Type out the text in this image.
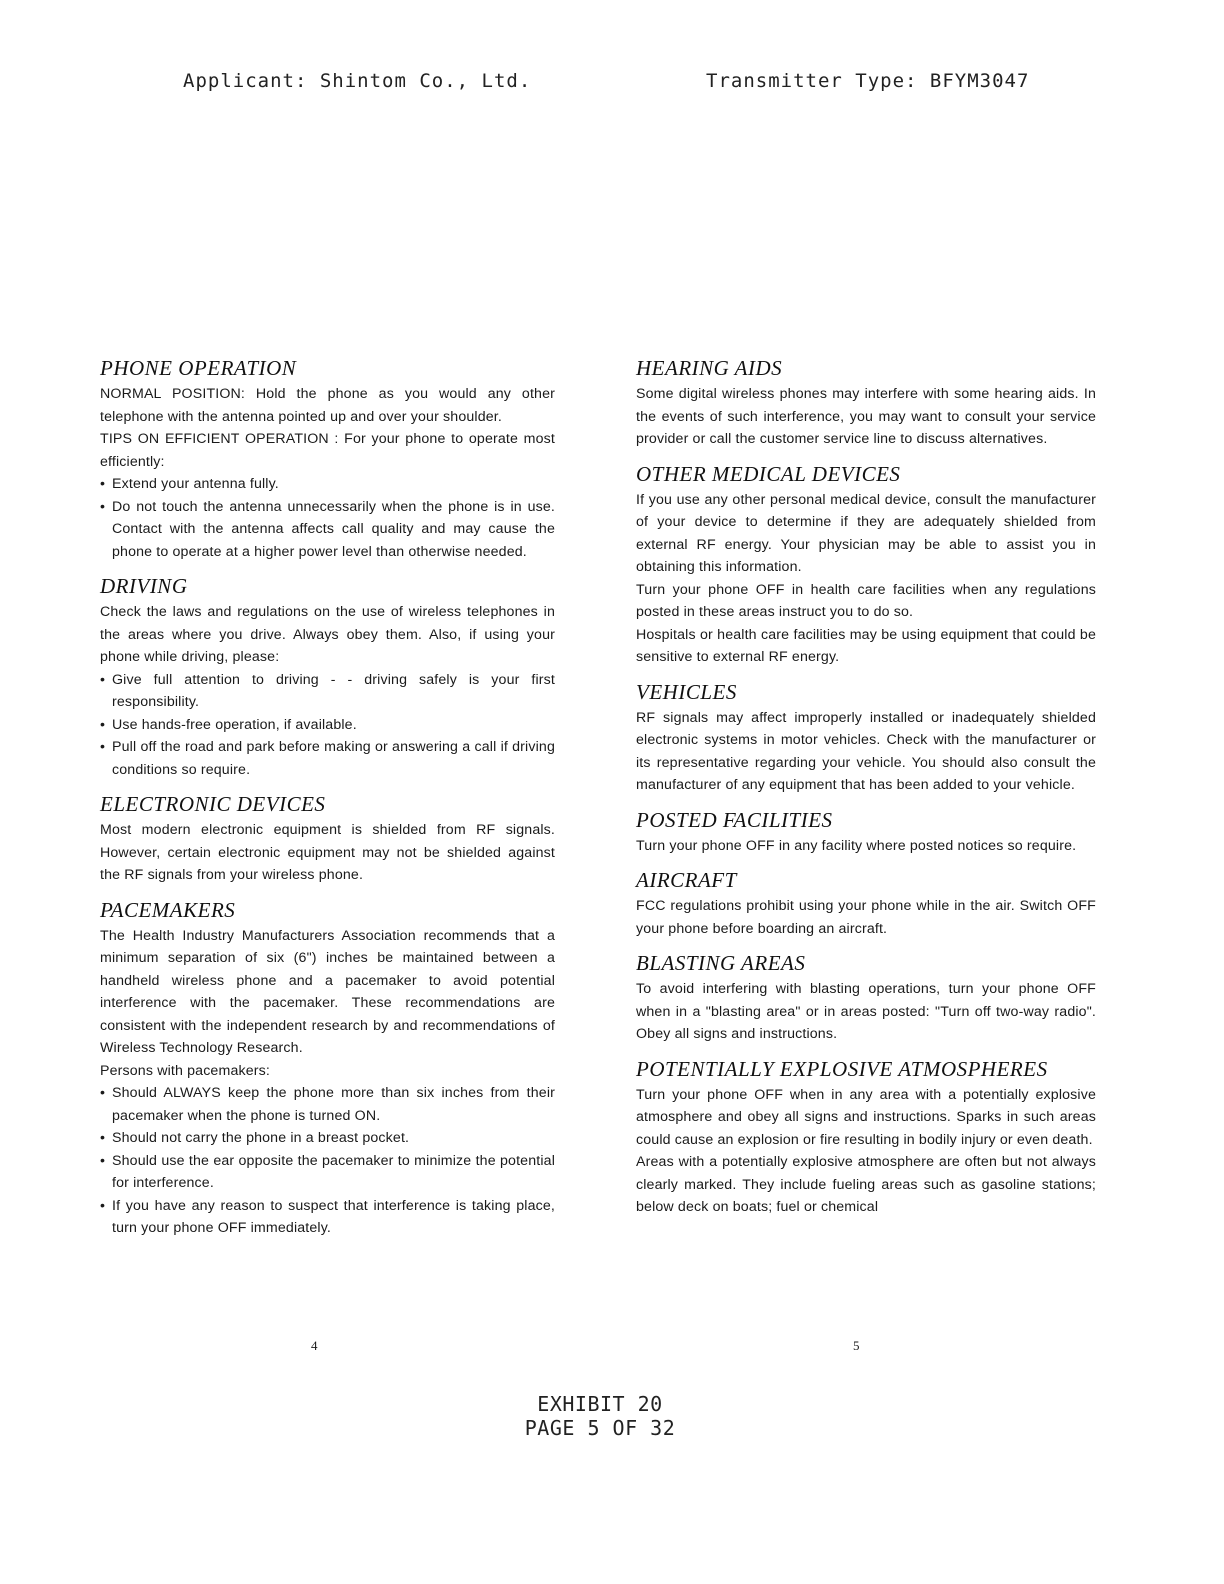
Applicant: Shintom Co., Ltd.	Transmitter Type: BFYM3047
PHONE OPERATION

NORMAL POSITION: Hold the phone as you would any other telephone with the antenna pointed up and over your shoulder.

TIPS ON EFFICIENT OPERATION : For your phone to operate most efficiently:

• Extend your antenna fully.
• Do not touch the antenna unnecessarily when the phone is in use. Contact with the antenna affects call quality and may cause the phone to operate at a higher power level than otherwise needed.
DRIVING

Check the laws and regulations on the use of wireless telephones in the areas where you drive. Always obey them. Also, if using your phone while driving, please:

• Give full attention to driving - - driving safely is your first responsibility.
• Use hands-free operation, if available.
• Pull off the road and park before making or answering a call if driving conditions so require.
ELECTRONIC DEVICES

Most modern electronic equipment is shielded from RF signals. However, certain electronic equipment may not be shielded against the RF signals from your wireless phone.

PACEMAKERS

The Health Industry Manufacturers Association recommends that a minimum separation of six (6") inches be maintained between a handheld wireless phone and a pacemaker to avoid potential interference with the pacemaker. These recommendations are consistent with the independent research by and recommendations of Wireless Technology Research.

Persons with pacemakers:

• Should ALWAYS keep the phone more than six inches from their pacemaker when the phone is turned ON.
• Should not carry the phone in a breast pocket.
• Should use the ear opposite the pacemaker to minimize the potential for interference.
• If you have any reason to suspect that interference is taking place, turn your phone OFF immediately.
HEARING AIDS

Some digital wireless phones may interfere with some hearing aids. In the events of such interference, you may want to consult your service provider or call the customer service line to discuss alternatives.

OTHER MEDICAL DEVICES

If you use any other personal medical device, consult the manufacturer of your device to determine if they are adequately shielded from external RF energy. Your physician may be able to assist you in obtaining this information.

Turn your phone OFF in health care facilities when any regulations posted in these areas instruct you to do so.

Hospitals or health care facilities may be using equipment that could be sensitive to external RF energy.

VEHICLES

RF signals may affect improperly installed or inadequately shielded electronic systems in motor vehicles. Check with the manufacturer or its representative regarding your vehicle. You should also consult the manufacturer of any equipment that has been added to your vehicle.

POSTED FACILITIES

Turn your phone OFF in any facility where posted notices so require.

AIRCRAFT

FCC regulations prohibit using your phone while in the air. Switch OFF your phone before boarding an aircraft.

BLASTING AREAS

To avoid interfering with blasting operations, turn your phone OFF when in a "blasting area" or in areas posted: "Turn off two-way radio". Obey all signs and instructions.

POTENTIALLY EXPLOSIVE ATMOSPHERES

Turn your phone OFF when in any area with a potentially explosive atmosphere and obey all signs and instructions. Sparks in such areas could cause an explosion or fire resulting in bodily injury or even death.

Areas with a potentially explosive atmosphere are often but not always clearly marked. They include fueling areas such as gasoline stations; below deck on boats; fuel or chemical

4	5
EXHIBIT 20
PAGE 5 OF 32
